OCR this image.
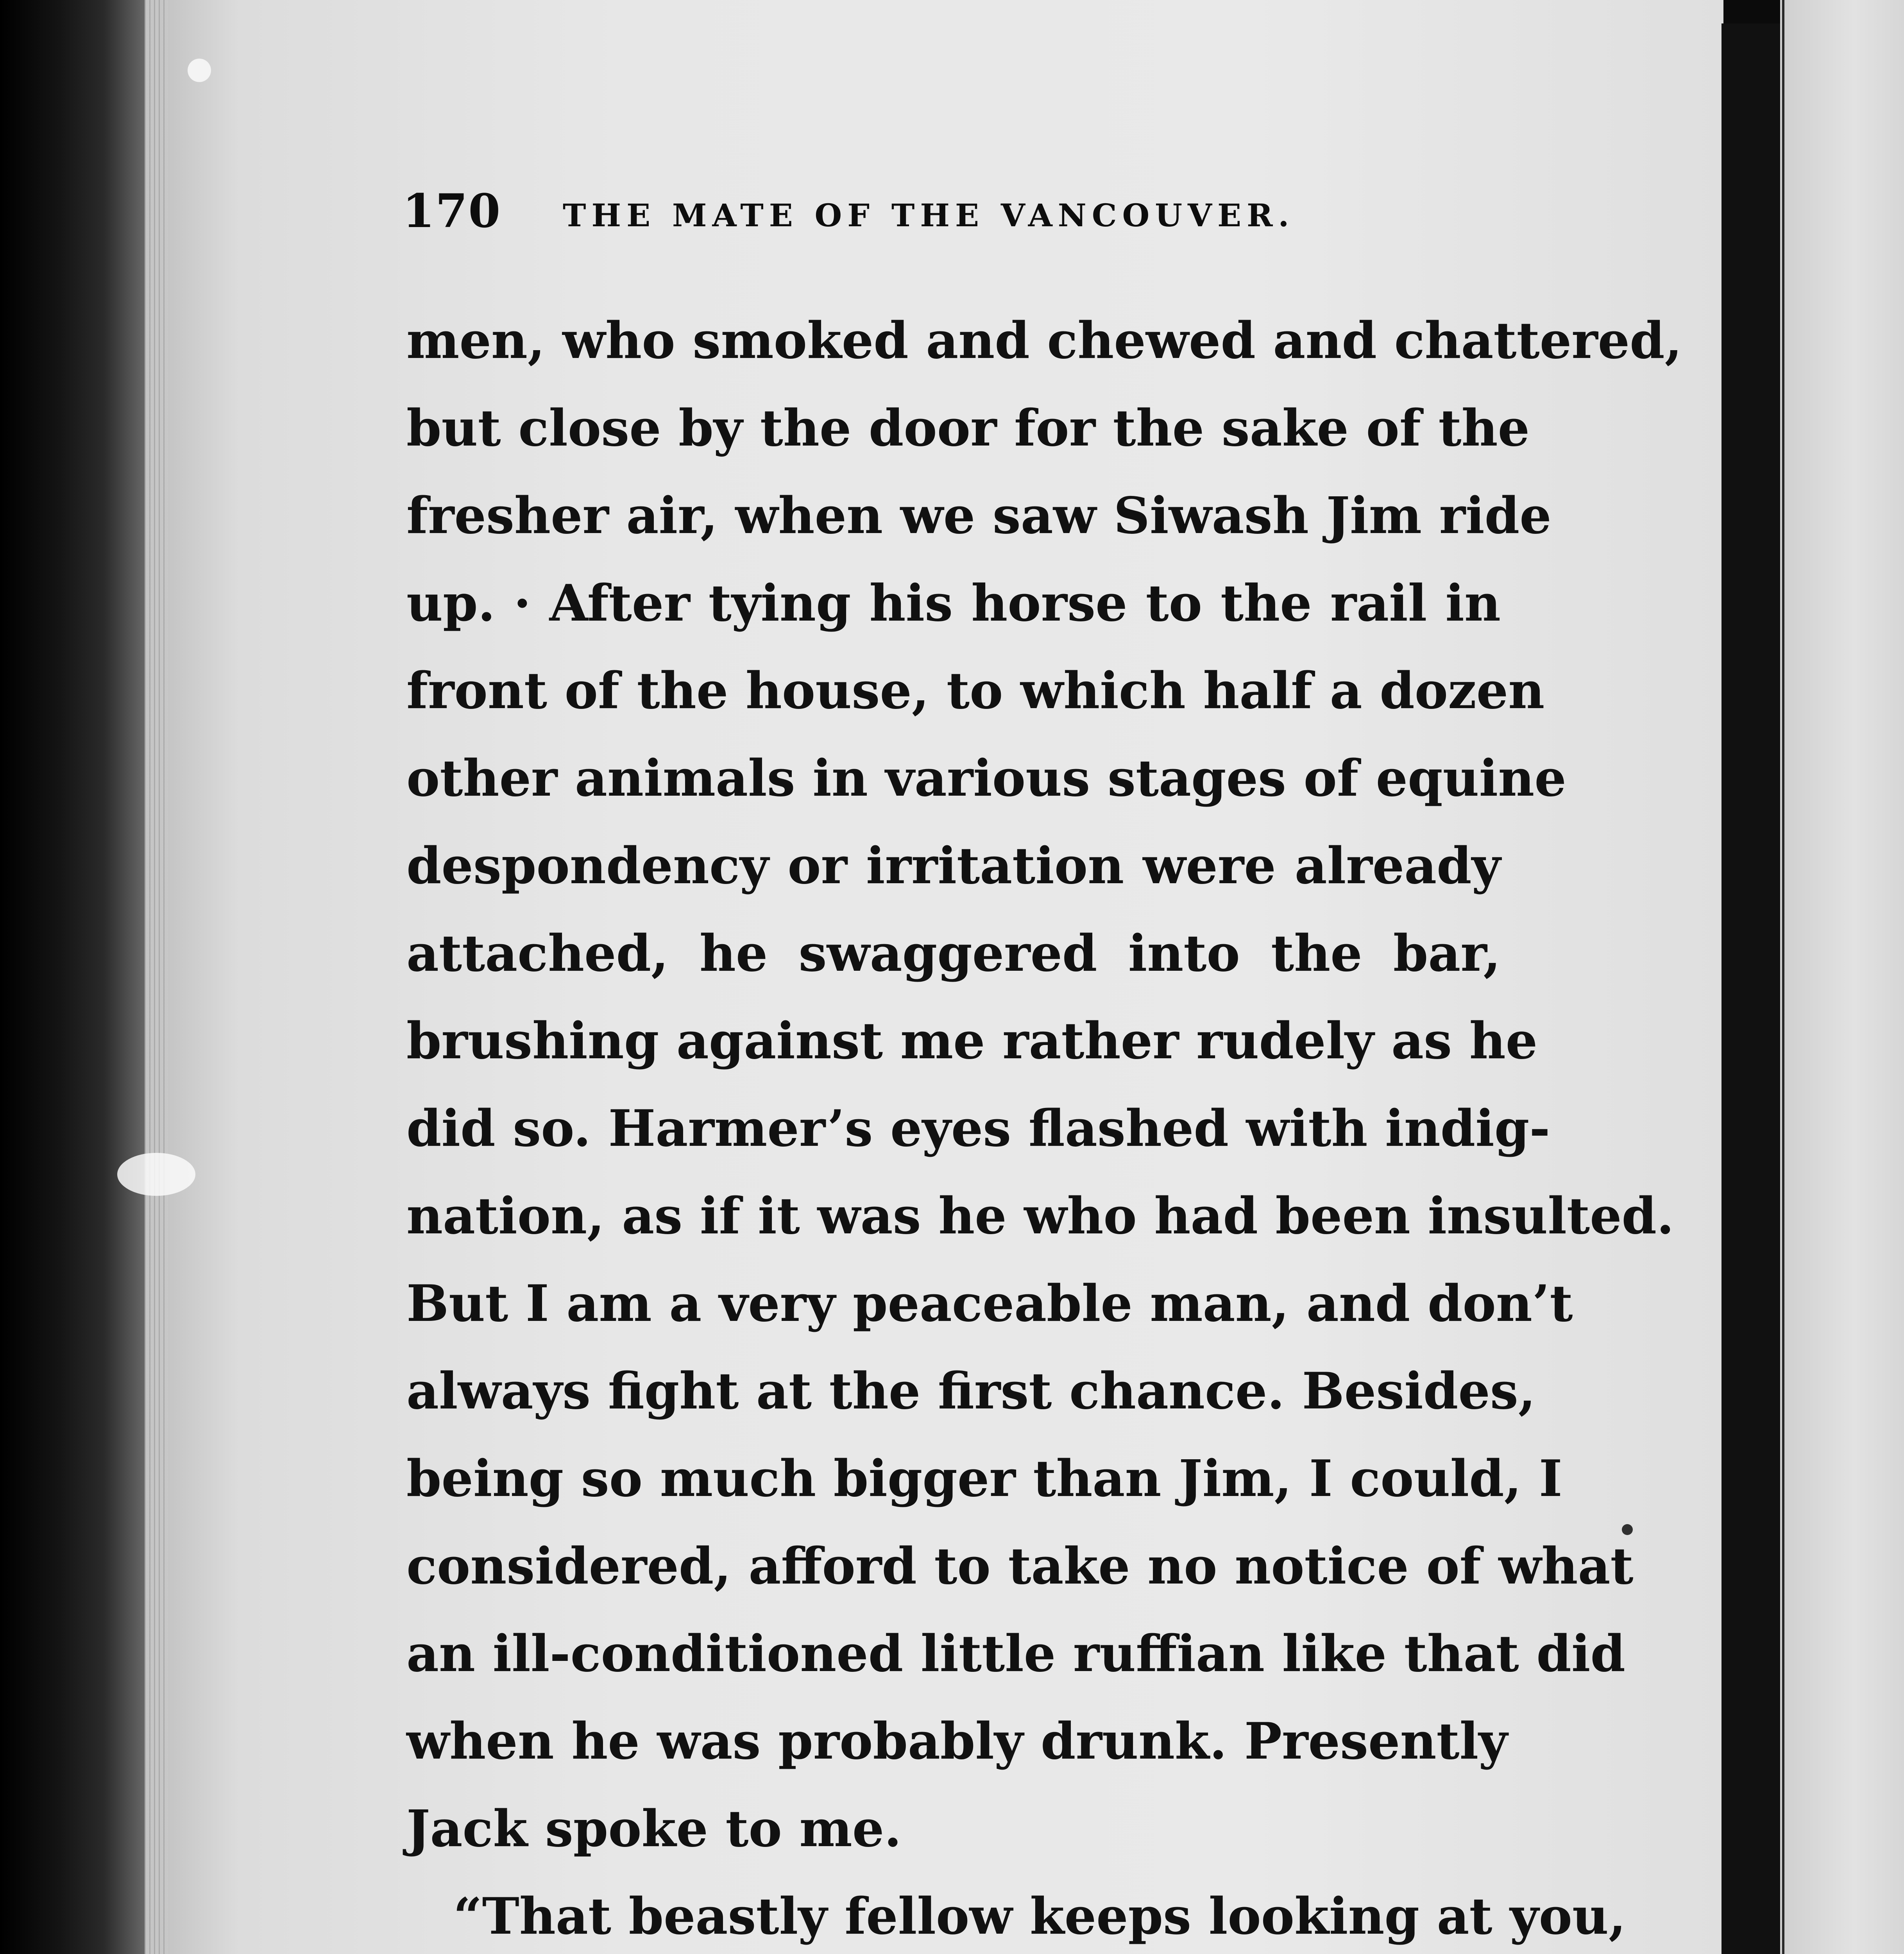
170 THE MATE OF THE VANCOUVER.
men, who smoked and chewed and chattered,
but close by the door for the sake of the
fresher air, when we saw Siwash Jim ride
up. · After tying his horse to the rail in
front of the house, to which half a dozen
other animals in various stages of equine
despondency or irritation were already
attached, he swaggered into the bar,
brushing against me rather rudely as he
did so. Harmer’s eyes flashed with indig-
nation, as if it was he who had been insulted.
But I am a very peaceable man, and don’t
always fight at the first chance. Besides,
being so much bigger than Jim, I could, I
considered, afford to take no notice of what
an ill-conditioned little ruffian like that did
when he was probably drunk. Presently
Jack spoke to me.
“That beastly fellow keeps looking at you,
